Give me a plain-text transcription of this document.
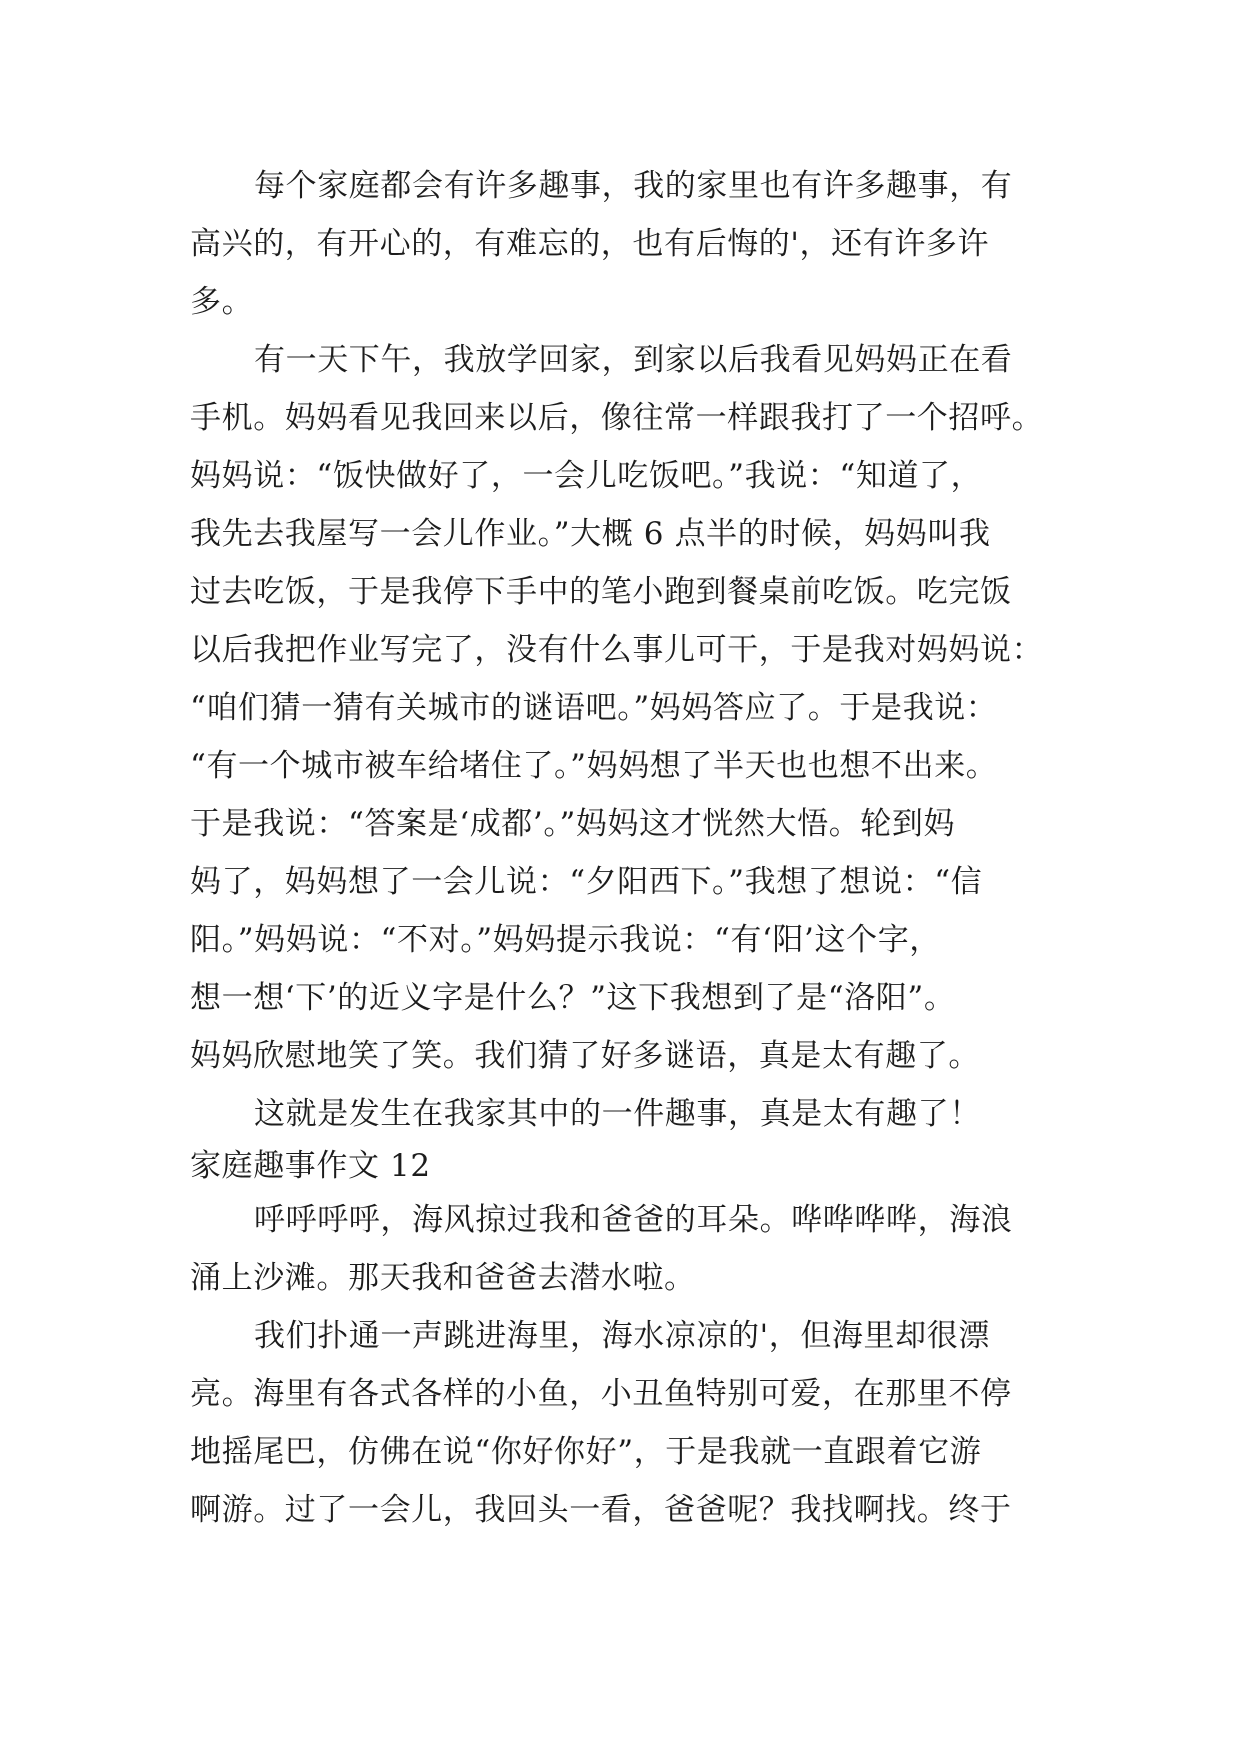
每个家庭都会有许多趣事，我的家里也有许多趣事，有
高兴的，有开心的，有难忘的，也有后悔的'，还有许多许
多。
有一天下午，我放学回家，到家以后我看见妈妈正在看
手机。妈妈看见我回来以后，像往常一样跟我打了一个招呼。
妈妈说：“饭快做好了，一会儿吃饭吧。”我说：“知道了，
我先去我屋写一会儿作业。”大概 6 点半的时候，妈妈叫我
过去吃饭，于是我停下手中的笔小跑到餐桌前吃饭。吃完饭
以后我把作业写完了，没有什么事儿可干，于是我对妈妈说：
“咱们猜一猜有关城市的谜语吧。”妈妈答应了。于是我说：
“有一个城市被车给堵住了。”妈妈想了半天也也想不出来。
于是我说：“答案是‘成都’。”妈妈这才恍然大悟。轮到妈
妈了，妈妈想了一会儿说：“夕阳西下。”我想了想说：“信
阳。”妈妈说：“不对。”妈妈提示我说：“有‘阳’这个字，
想一想‘下’的近义字是什么？”这下我想到了是“洛阳”。
妈妈欣慰地笑了笑。我们猜了好多谜语，真是太有趣了。
这就是发生在我家其中的一件趣事，真是太有趣了！
家庭趣事作文 12
呼呼呼呼，海风掠过我和爸爸的耳朵。哗哗哗哗，海浪
涌上沙滩。那天我和爸爸去潜水啦。
我们扑通一声跳进海里，海水凉凉的'，但海里却很漂
亮。海里有各式各样的小鱼，小丑鱼特别可爱，在那里不停
地摇尾巴，仿佛在说“你好你好”，于是我就一直跟着它游
啊游。过了一会儿，我回头一看，爸爸呢？我找啊找。终于
